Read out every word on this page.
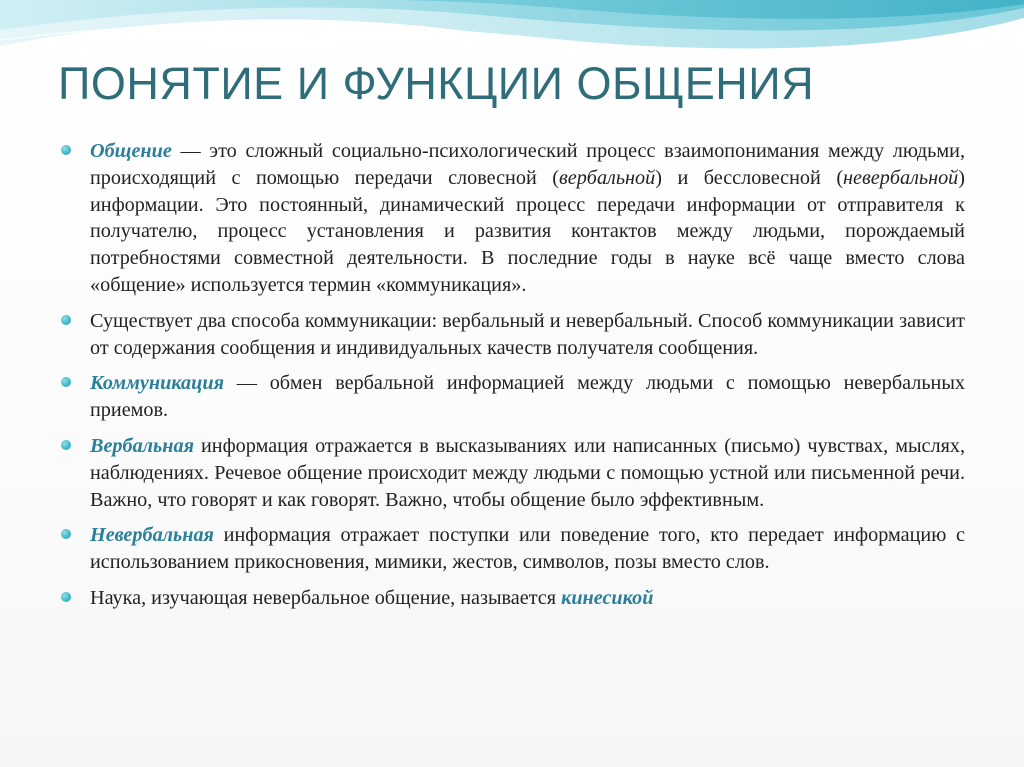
ПОНЯТИЕ И ФУНКЦИИ ОБЩЕНИЯ
Общение — это сложный социально-психологический процесс взаимопонимания между людьми, происходящий с помощью передачи словесной (вербальной) и бессловесной (невербальной) информации. Это постоянный, динамический процесс передачи информации от отправителя к получателю, процесс установления и развития контактов между людьми, порождаемый потребностями совместной деятельности. В последние годы в науке всё чаще вместо слова «общение» используется термин «коммуникация».
Существует два способа коммуникации: вербальный и невербальный. Способ коммуникации зависит от содержания сообщения и индивидуальных качеств получателя сообщения.
Коммуникация — обмен вербальной информацией между людьми с помощью невербальных приемов.
Вербальная информация отражается в высказываниях или написанных (письмо) чувствах, мыслях, наблюдениях. Речевое общение происходит между людьми с помощью устной или письменной речи. Важно, что говорят и как говорят. Важно, чтобы общение было эффективным.
Невербальная информация отражает поступки или поведение того, кто передает информацию с использованием прикосновения, мимики, жестов, символов, позы вместо слов.
Наука, изучающая невербальное общение, называется кинесикой
